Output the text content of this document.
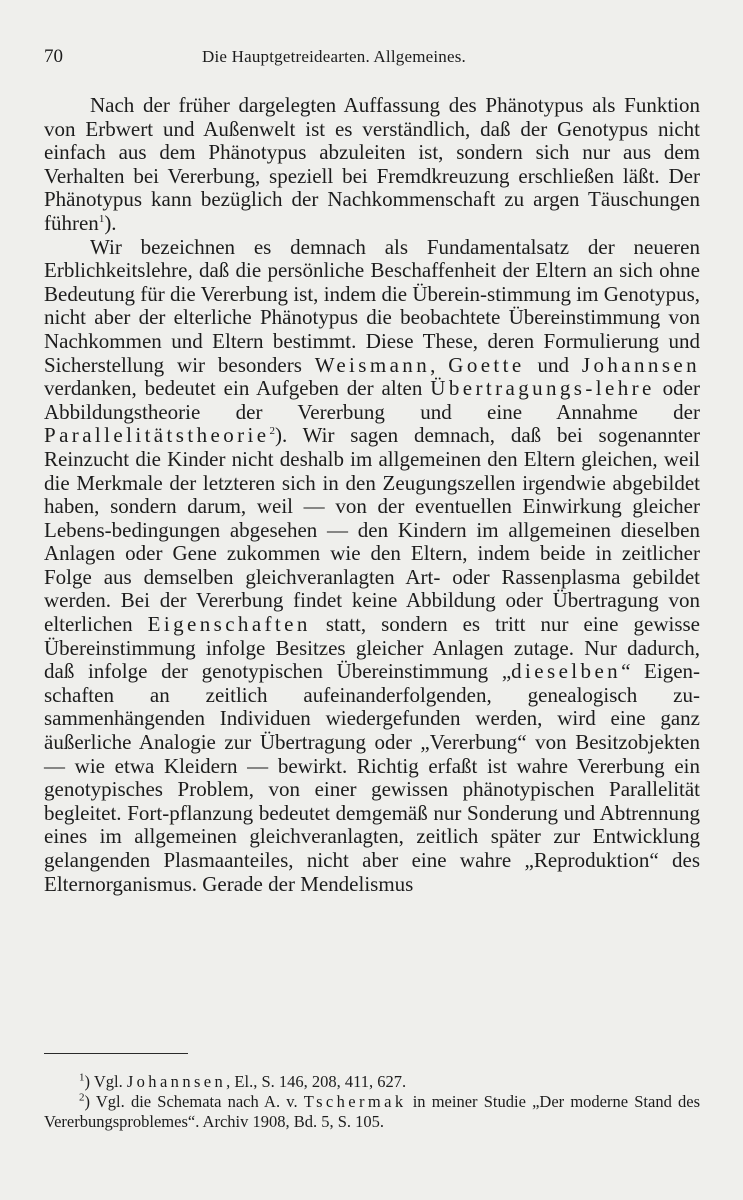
70	Die Hauptgetreidearten. Allgemeines.

Nach der früher dargelegten Auffassung des Phänotypus als Funktion von Erbwert und Außenwelt ist es verständlich, daß der Genotypus nicht einfach aus dem Phänotypus abzuleiten ist, sondern sich nur aus dem Verhalten bei Vererbung, speziell bei Fremdkreuzung erschließen läßt. Der Phänotypus kann bezüglich der Nachkommenschaft zu argen Täuschungen führen$^1$).

Wir bezeichnen es demnach als Fundamentalsatz der neueren Erblichkeitslehre, daß die persönliche Beschaffenheit der Eltern an sich ohne Bedeutung für die Vererbung ist, indem die Überein-stimmung im Genotypus, nicht aber der elterliche Phänotypus die beobachtete Übereinstimmung von Nachkommen und Eltern bestimmt. Diese These, deren Formulierung und Sicherstellung wir besonders Weismann, Goette und Johannsen verdanken, bedeutet ein Aufgeben der alten Übertragungs-lehre oder Abbildungstheorie der Vererbung und eine Annahme der Parallelitätstheorie$^2$). Wir sagen demnach, daß bei sogenannter Reinzucht die Kinder nicht deshalb im allgemeinen den Eltern gleichen, weil die Merkmale der letzteren sich in den Zeugungszellen irgendwie abgebildet haben, sondern darum, weil — von der eventuellen Einwirkung gleicher Lebens-bedingungen abgesehen — den Kindern im allgemeinen dieselben Anlagen oder Gene zukommen wie den Eltern, indem beide in zeitlicher Folge aus demselben gleichveranlagten Art- oder Rassenplasma gebildet werden. Bei der Vererbung findet keine Abbildung oder Übertragung von elterlichen Eigenschaften statt, sondern es tritt nur eine gewisse Übereinstimmung infolge Besitzes gleicher Anlagen zutage. Nur dadurch, daß infolge der genotypischen Übereinstimmung „dieselben“ Eigen-schaften an zeitlich aufeinanderfolgenden, genealogisch zu-sammenhängenden Individuen wiedergefunden werden, wird eine ganz äußerliche Analogie zur Übertragung oder „Vererbung“ von Besitzobjekten — wie etwa Kleidern — bewirkt. Richtig erfaßt ist wahre Vererbung ein genotypisches Problem, von einer gewissen phänotypischen Parallelität begleitet. Fort-pflanzung bedeutet demgemäß nur Sonderung und Abtrennung eines im allgemeinen gleichveranlagten, zeitlich später zur Entwicklung gelangenden Plasmaanteiles, nicht aber eine wahre „Reproduktion“ des Elternorganismus. Gerade der Mendelismus

$^1$) Vgl. Johannsen, El., S. 146, 208, 411, 627.

$^2$) Vgl. die Schemata nach A. v. Tschermak in meiner Studie „Der moderne Stand des Vererbungsproblemes“. Archiv 1908, Bd. 5, S. 105.
